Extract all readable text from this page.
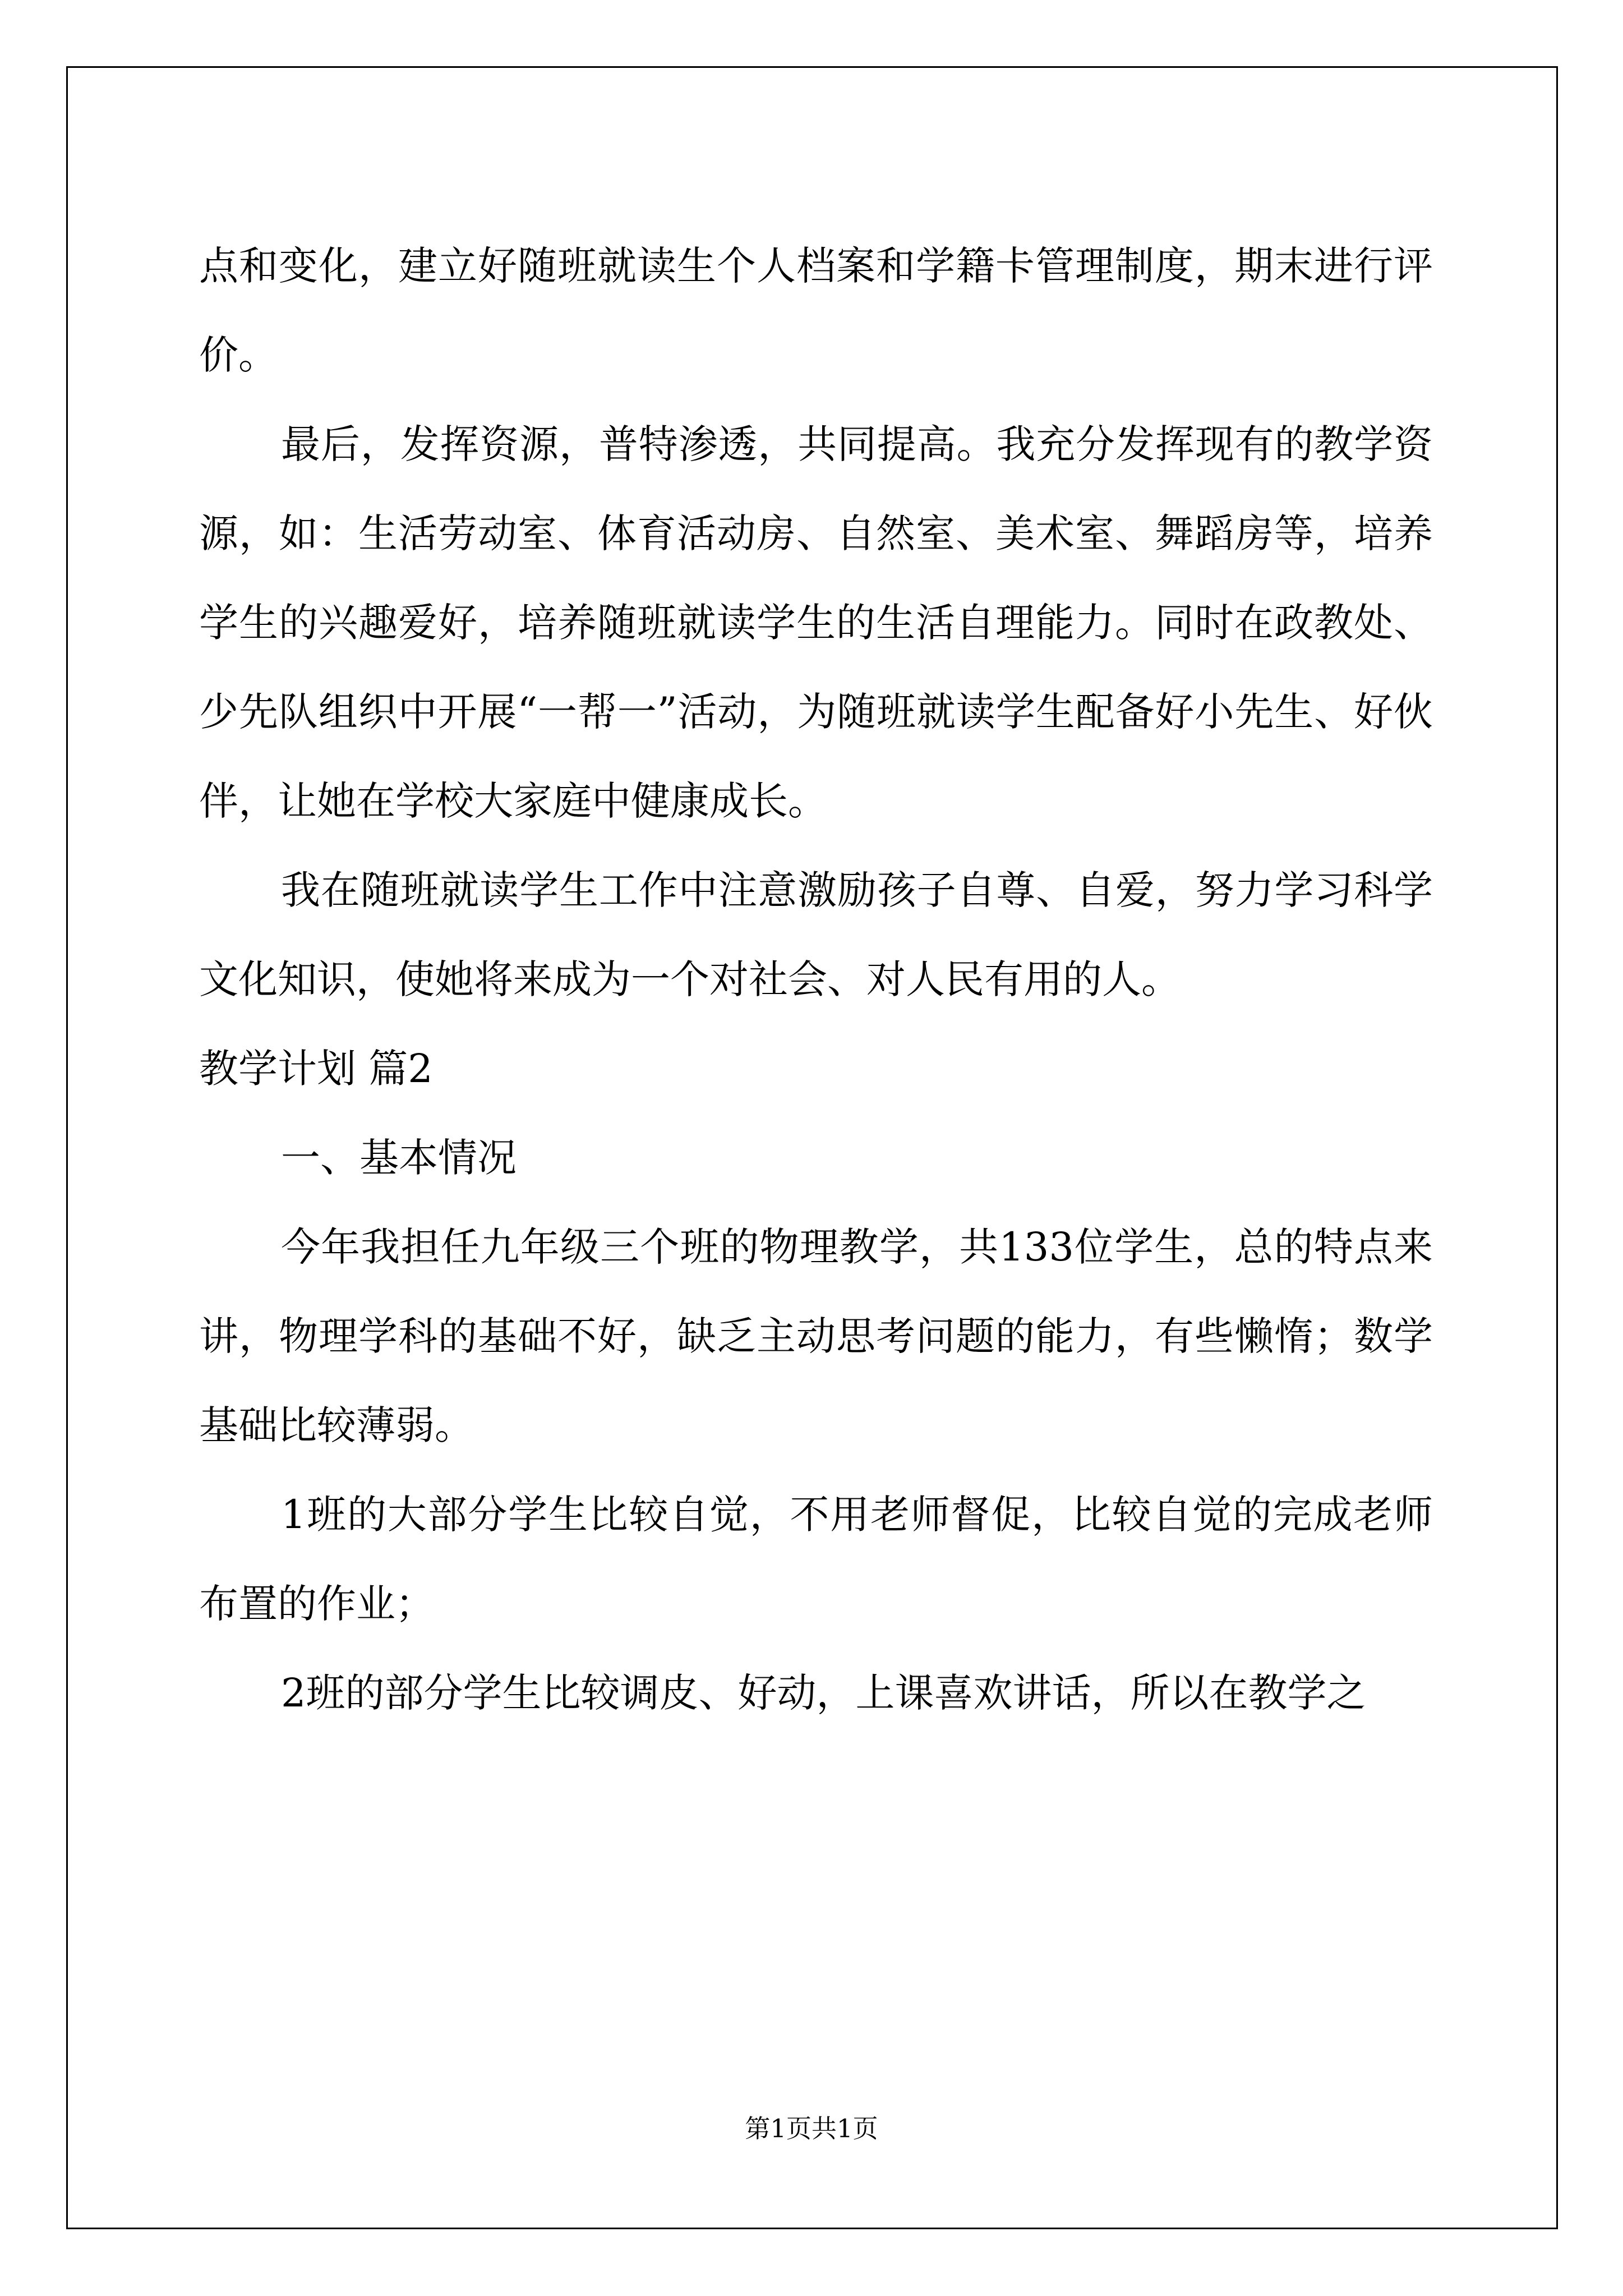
点和变化，建立好随班就读生个人档案和学籍卡管理制度，期末进行评价。

最后，发挥资源，普特渗透，共同提高。我充分发挥现有的教学资源，如：生活劳动室、体育活动房、自然室、美术室、舞蹈房等，培养学生的兴趣爱好，培养随班就读学生的生活自理能力。同时在政教处、少先队组织中开展“一帮一”活动，为随班就读学生配备好小先生、好伙伴，让她在学校大家庭中健康成长。

我在随班就读学生工作中注意激励孩子自尊、自爱，努力学习科学文化知识，使她将来成为一个对社会、对人民有用的人。

教学计划 篇2

一、基本情况

今年我担任九年级三个班的物理教学，共133位学生，总的特点来讲，物理学科的基础不好，缺乏主动思考问题的能力，有些懒惰；数学基础比较薄弱。

1班的大部分学生比较自觉，不用老师督促，比较自觉的完成老师布置的作业；

2班的部分学生比较调皮、好动，上课喜欢讲话，所以在教学之

第1页共1页
